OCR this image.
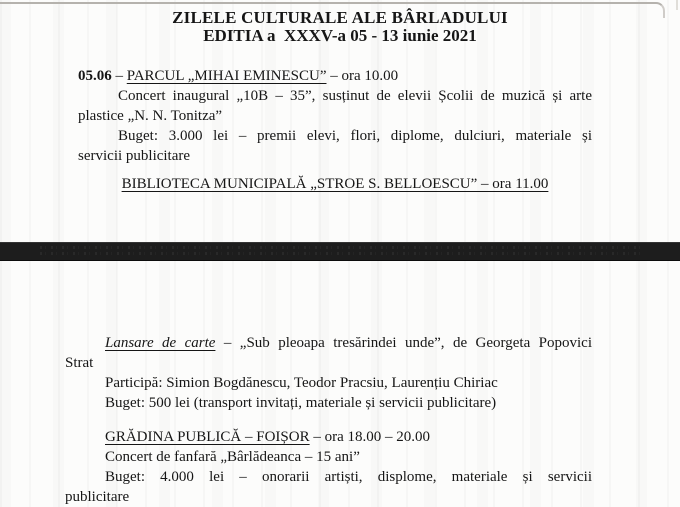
ZILELE CULTURALE ALE BÂRLADULUI
EDITIA a  XXXV-a 05 - 13 iunie 2021
05.06 – PARCUL „MIHAI EMINESCU” – ora 10.00
Concert inaugural „10B – 35”, susținut de elevii Școlii de muzică și arte
plastice „N. N. Tonitza”
Buget: 3.000 lei – premii elevi, flori, diplome, dulciuri, materiale și
servicii publicitare
BIBLIOTECA MUNICIPALĂ „STROE S. BELLOESCU” – ora 11.00
Lansare de carte – „Sub pleoapa tresărindei unde”, de Georgeta Popovici
Strat
Participă: Simion Bogdănescu, Teodor Pracsiu, Laurențiu Chiriac
Buget: 500 lei (transport invitați, materiale și servicii publicitare)
GRĂDINA PUBLICĂ – FOIȘOR – ora 18.00 – 20.00
Concert de fanfară „Bârlădeanca – 15 ani”
Buget: 4.000 lei – onorarii artiști, displome, materiale și servicii
publicitare
